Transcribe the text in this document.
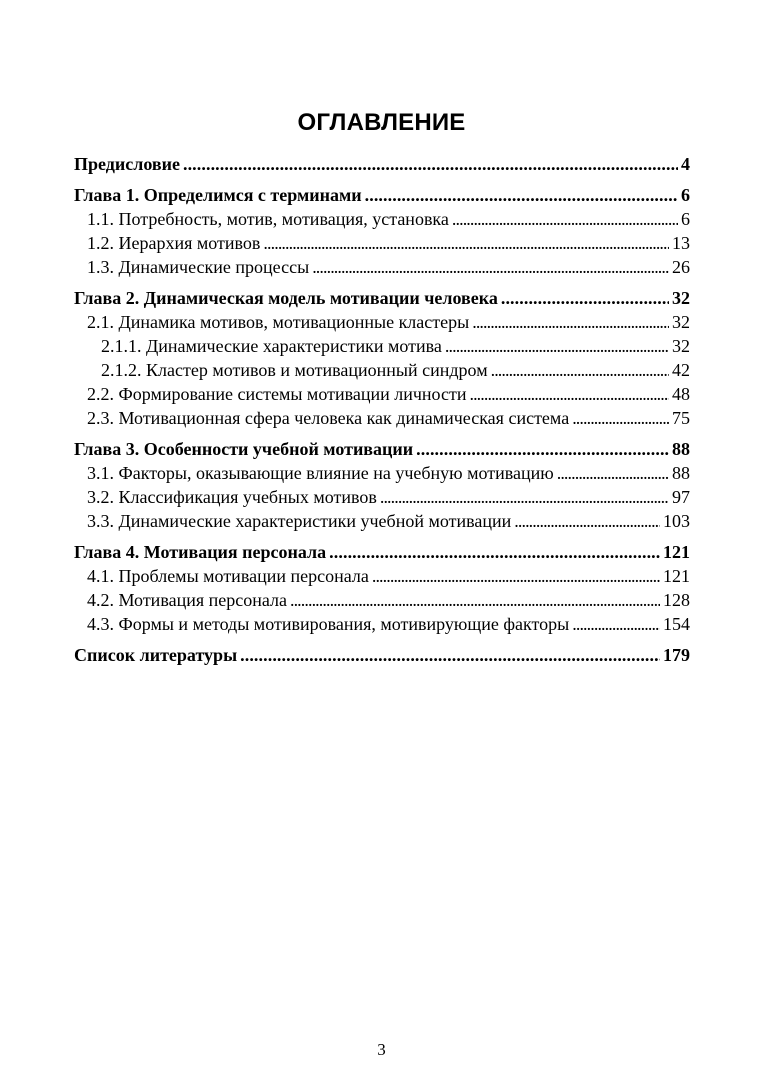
ОГЛАВЛЕНИЕ
Предисловие . . .	4
Глава 1. Определимся с терминами . . .	6
1.1. Потребность, мотив, мотивация, установка . . .	6
1.2. Иерархия мотивов . . .	13
1.3. Динамические процессы . . .	26
Глава 2. Динамическая модель мотивации человека . . .	32
2.1. Динамика мотивов, мотивационные кластеры . . .	32
2.1.1. Динамические характеристики мотива . . .	32
2.1.2. Кластер мотивов и мотивационный синдром . . .	42
2.2. Формирование системы мотивации личности . . .	48
2.3. Мотивационная сфера человека как динамическая система . . .	75
Глава 3. Особенности учебной мотивации . . .	88
3.1. Факторы, оказывающие влияние на учебную мотивацию . . .	88
3.2. Классификация учебных мотивов . . .	97
3.3. Динамические характеристики учебной мотивации . . .	103
Глава 4. Мотивация персонала . . .	121
4.1. Проблемы мотивации персонала . . .	121
4.2. Мотивация персонала . . .	128
4.3. Формы и методы мотивирования, мотивирующие факторы . . .	154
Список литературы . . .	179
3
